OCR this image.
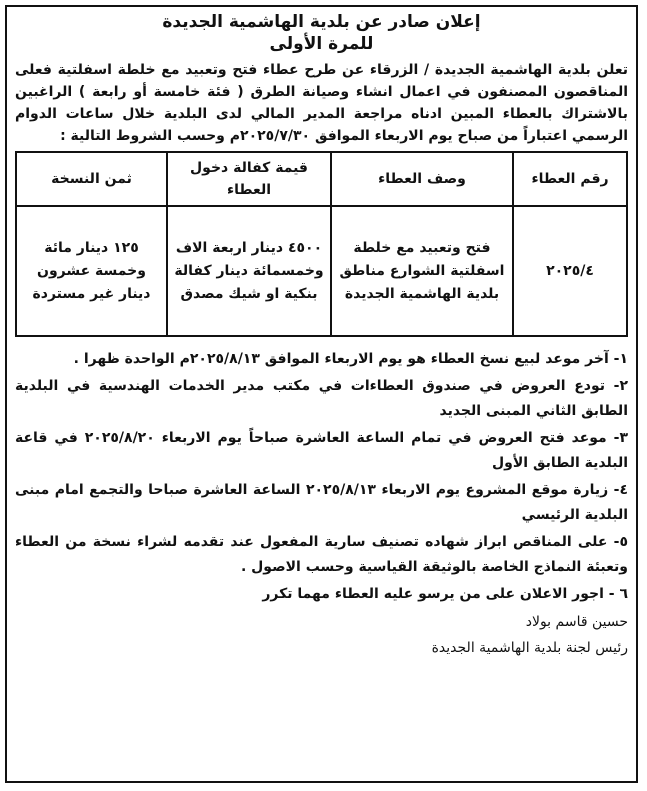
إعلان صادر عن بلدية الهاشمية الجديدة

للمرة الأولى

تعلن بلدية الهاشمية الجديدة / الزرقاء عن طرح عطاء فتح وتعبيد مع خلطة اسفلتية فعلى المناقصون المصنفون في اعمال انشاء وصيانة الطرق ( فئة خامسة أو رابعة ) الراغبين بالاشتراك بالعطاء المبين ادناه مراجعة المدير المالي لدى البلدية خلال ساعات الدوام الرسمي اعتباراً من صباح يوم الاربعاء الموافق ٢٠٢٥/٧/٣٠م وحسب الشروط التالية :

رقم العطاء	وصف العطاء	قيمة كفالة دخول العطاء	ثمن النسخة
٢٠٢٥/٤	فتح وتعبيد مع خلطة اسفلتية الشوارع مناطق بلدية الهاشمية الجديدة	٤٥٠٠ دينار اربعة الاف وخمسمائة دينار كفالة بنكية او شيك مصدق	١٢٥ دينار مائة وخمسة عشرون دينار غير مستردة

١- آخر موعد لبيع نسخ العطاء هو يوم الاربعاء الموافق ٢٠٢٥/٨/١٣م الواحدة ظهرا .

٢- تودع العروض في صندوق العطاءات في مكتب مدير الخدمات الهندسية في البلدية الطابق الثاني المبنى الجديد

٣- موعد فتح العروض في تمام الساعة العاشرة صباحاً يوم الاربعاء ٢٠٢٥/٨/٢٠ في قاعة البلدية الطابق الأول

٤- زيارة موقع المشروع يوم الاربعاء ٢٠٢٥/٨/١٣ الساعة العاشرة صباحا والتجمع امام مبنى البلدية الرئيسي

٥- على المناقص ابراز شهاده تصنيف سارية المفعول عند تقدمه لشراء نسخة من العطاء وتعبئة النماذج الخاصة بالوثيقة القياسية وحسب الاصول .

٦ - اجور الاعلان على من يرسو عليه العطاء مهما تكرر

حسين قاسم بولاد
رئيس لجنة بلدية الهاشمية الجديدة
